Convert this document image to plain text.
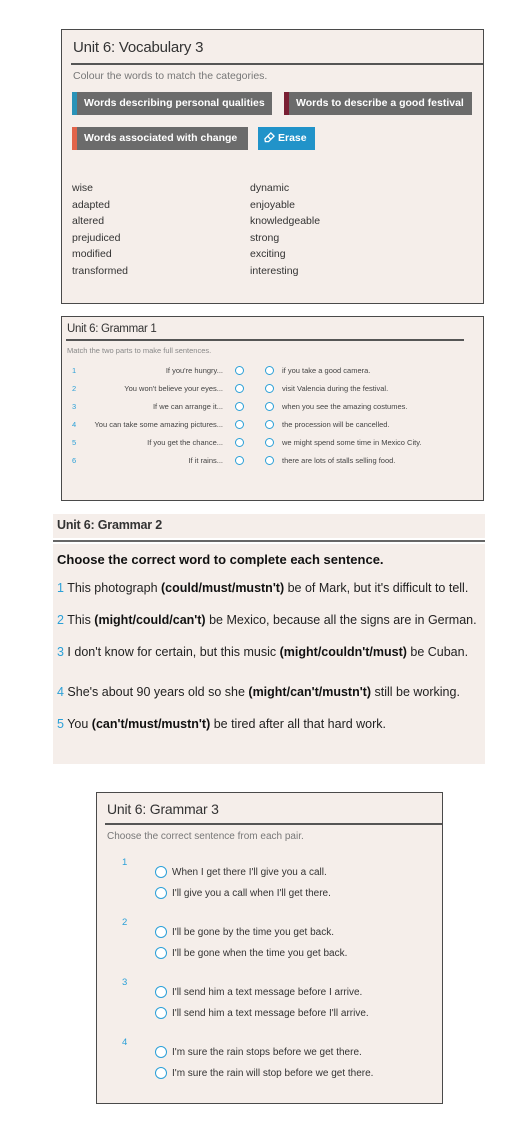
Unit 6: Vocabulary 3
Colour the words to match the categories.
Words describing personal qualities	Words to describe a good festival
Words associated with change	Erase
wise
adapted
altered
prejudiced
modified
transformed
dynamic
enjoyable
knowledgeable
strong
exciting
interesting
Unit 6: Grammar 1
Match the two parts to make full sentences.
1	If you're hungry...	if you take a good camera.
2	You won't believe your eyes...	visit Valencia during the festival.
3	If we can arrange it...	when you see the amazing costumes.
4 You can take some amazing pictures...	the procession will be cancelled.
5	If you get the chance...	we might spend some time in Mexico City.
6	If it rains...	there are lots of stalls selling food.
Unit 6: Grammar 2
Choose the correct word to complete each sentence.
1 This photograph (could/must/mustn't) be of Mark, but it's difficult to tell.
2 This (might/could/can't) be Mexico, because all the signs are in German.
3 I don't know for certain, but this music (might/couldn't/must) be Cuban.
4 She's about 90 years old so she (might/can't/mustn't) still be working.
5 You (can't/must/mustn't) be tired after all that hard work.
Unit 6: Grammar 3
Choose the correct sentence from each pair.
1
When I get there I'll give you a call.
I'll give you a call when I'll get there.
2
I'll be gone by the time you get back.
I'll be gone when the time you get back.
3
I'll send him a text message before I arrive.
I'll send him a text message before I'll arrive.
4
I'm sure the rain stops before we get there.
I'm sure the rain will stop before we get there.
